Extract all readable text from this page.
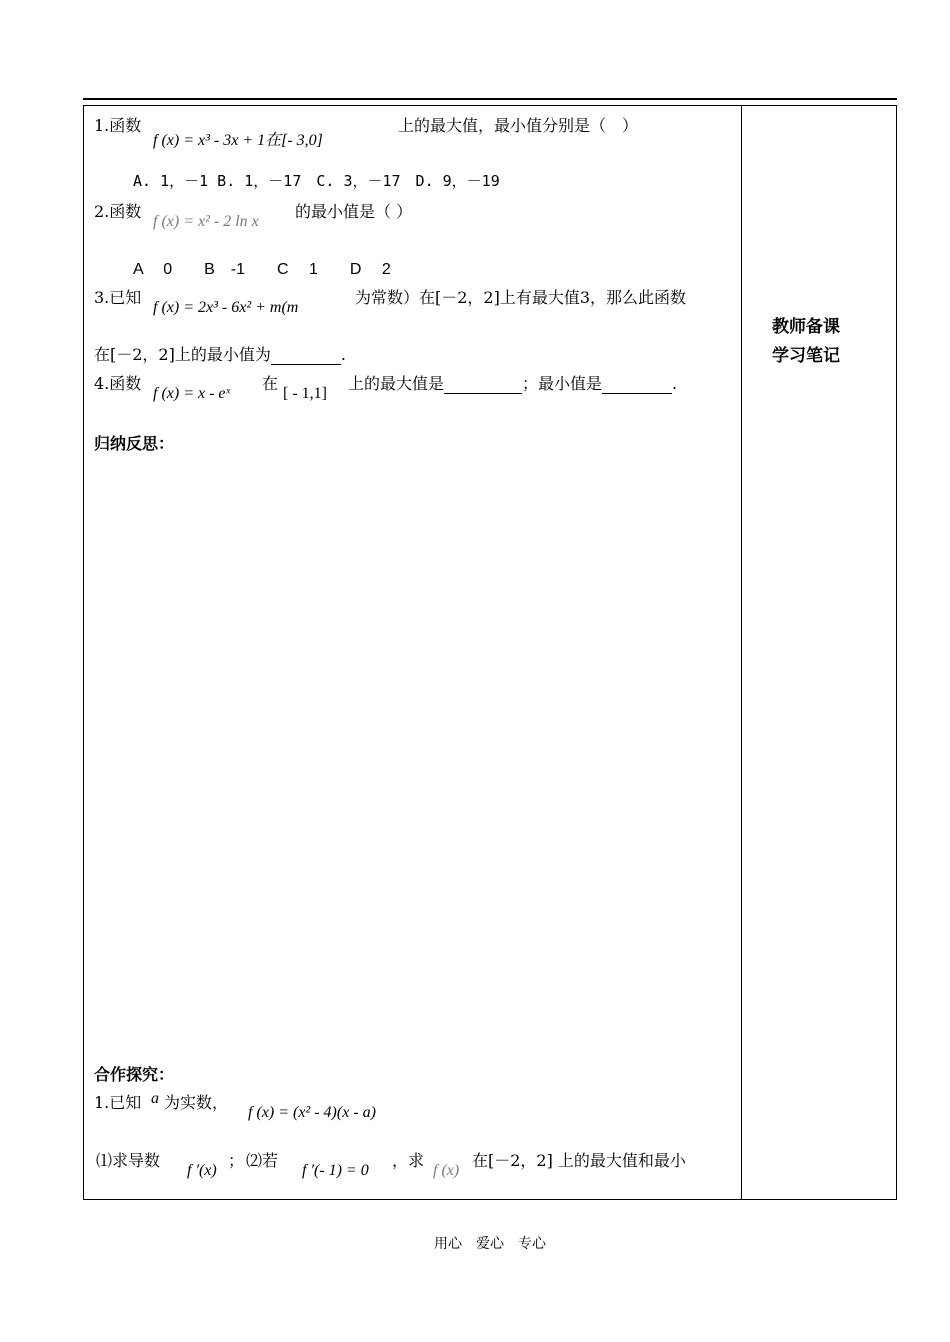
教师备课
学习笔记
1.函数
f (x) = x³ - 3x + 1在[- 3,0]
上的最大值，最小值分别是（　）
A. 1，－1 B. 1，－17　C. 3，－17　D. 9，－19
2.函数
f (x) = x² - 2 ln x
的最小值是（ ）
A　 0　　B　-1　　C　 1　　D　 2
3.已知
f (x) = 2x³ - 6x² + m(m
为常数）在[－2，2]上有最大值3，那么此函数
在[－2，2]上的最小值为	.
4.函数
f (x) = x - eˣ
在
[ - 1,1]
上的最大值是	；最小值是	.
归纳反思：
合作探究：
1.已知 a 为实数，
f (x) = (x² - 4)(x - a)
⑴求导数
f ′(x)
； ⑵若
f ′(- 1) = 0
，求
f (x)
在[－2，2] 上的最大值和最小
用心　爱心　专心
